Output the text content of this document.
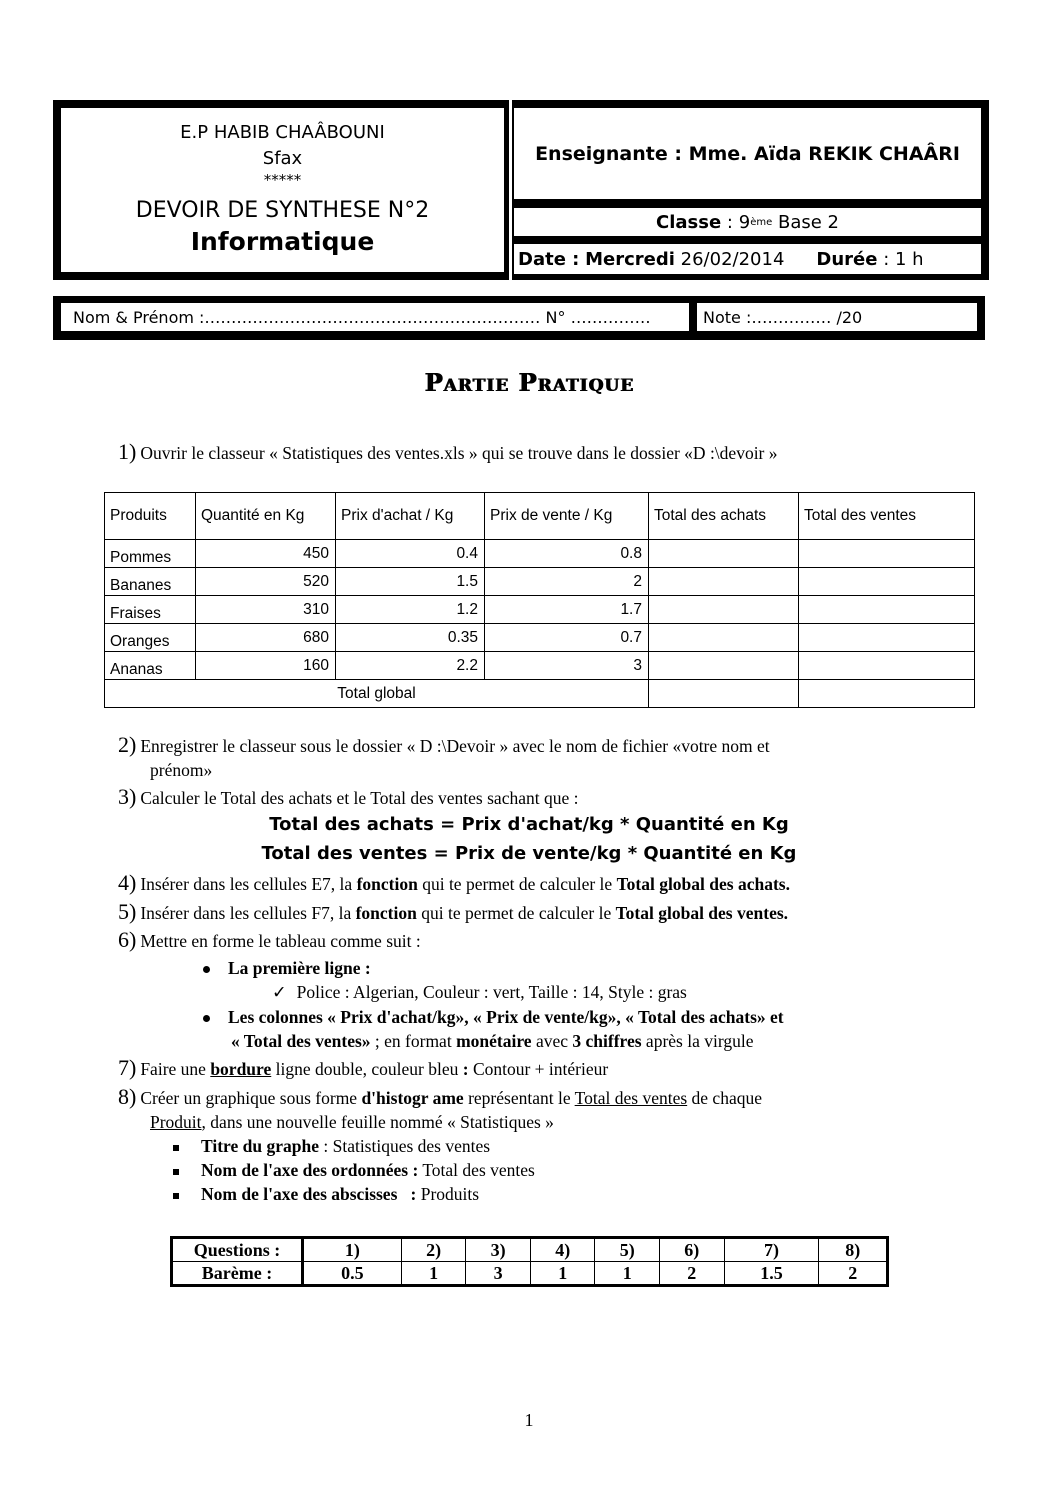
E.P HABIB CHAÂBOUNI
Sfax
*****
DEVOIR DE SYNTHESE N°2
Informatique
Enseignante :
Mme. Aïda REKIK CHAÂRI
Classe
:
9 ème
Base 2
Date :
Mercredi
26/02/2014 Durée
: 1 h
Nom & Prénom :……………………………………………………… N° ……………	Note :…………… /20
Partie Pratique
1) Ouvrir le classeur « Statistiques des ventes.xls » qui se trouve dans le dossier «D :\devoir »
Produits	Quantité en Kg	Prix d'achat / Kg	Prix de vente / Kg	Total des achats	Total des ventes
Pommes	450	0.4	0.8		
Bananes	520	1.5	2		
Fraises	310	1.2	1.7		
Oranges	680	0.35	0.7		
Ananas	160	2.2	3		
Total global					
2) Enregistrer le classeur sous le dossier « D :\Devoir » avec le nom de fichier «votre nom et
prénom»
3) Calculer le Total des achats et le Total des ventes sachant que :
Total des achats = Prix d'achat/kg * Quantité en Kg
Total des ventes = Prix de vente/kg * Quantité en Kg
4) Insérer dans les cellules E7, la fonction qui te permet de calculer le Total global des achats.
5) Insérer dans les cellules F7, la fonction qui te permet de calculer le Total global des ventes.
6) Mettre en forme le tableau comme suit :
La première ligne :
✓ Police : Algerian, Couleur : vert, Taille : 14, Style : gras
Les colonnes « Prix d'achat/kg», « Prix de vente/kg», « Total des achats» et
« Total des ventes» ; en format monétaire avec 3 chiffres après la virgule
7) Faire une bordure ligne double, couleur bleu : Contour + intérieur
8) Créer un graphique sous forme d'histogr ame représentant le Total des ventes de chaque
Produit, dans une nouvelle feuille nommé « Statistiques »
Titre du graphe : Statistiques des ventes
Nom de l'axe des ordonnées : Total des ventes
Nom de l'axe des abscisses   : Produits
Questions :	1)	2)	3)	4)	5)	6)	7)	8)
Barème :	0.5	1	3	1	1	2	1.5	2
1
